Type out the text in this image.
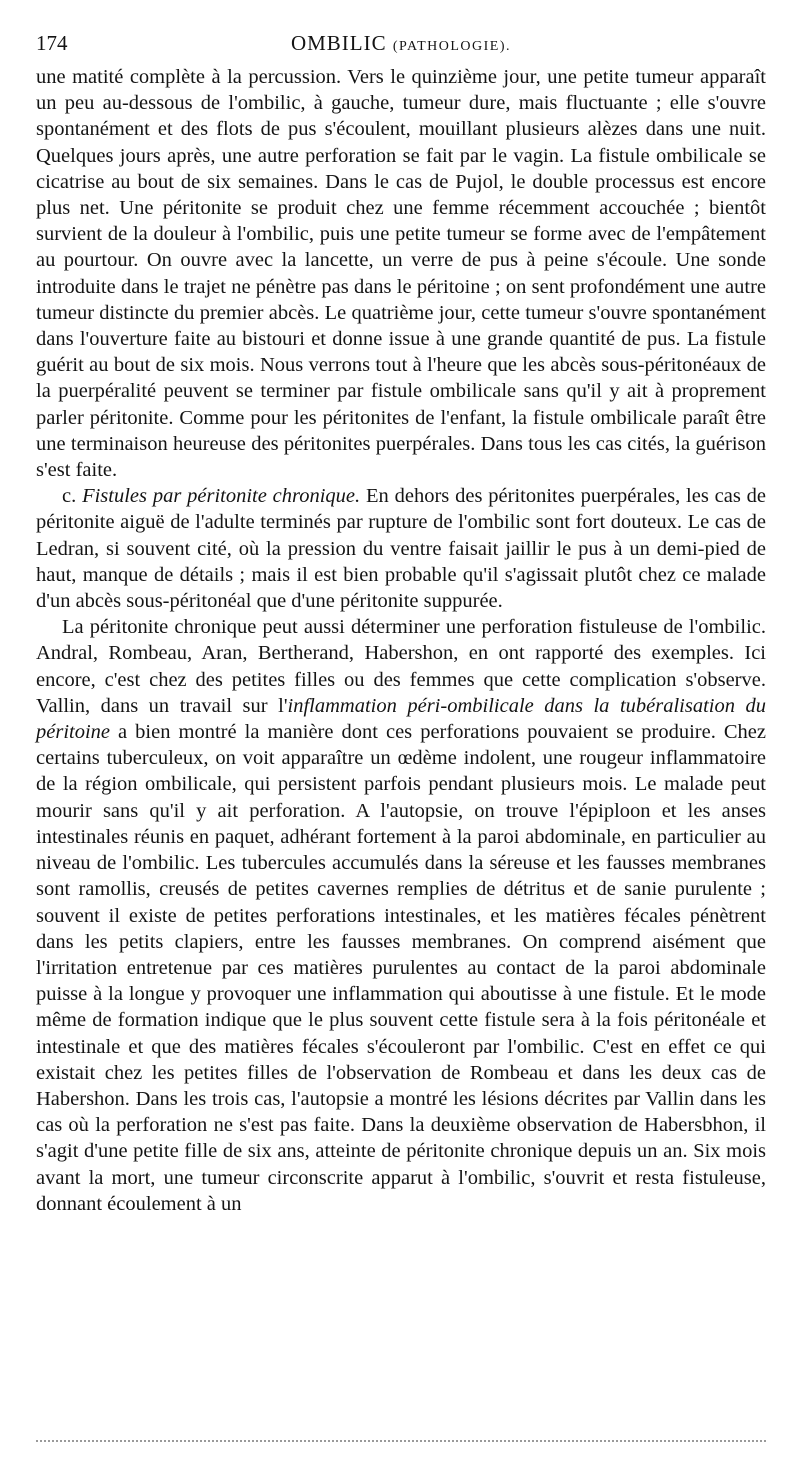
174	OMBILIC (PATHOLOGIE).

une matité complète à la percussion. Vers le quinzième jour, une petite tumeur apparaît un peu au-dessous de l'ombilic, à gauche, tumeur dure, mais fluctuante ; elle s'ouvre spontanément et des flots de pus s'écoulent, mouillant plusieurs alèzes dans une nuit. Quelques jours après, une autre perforation se fait par le vagin. La fistule ombilicale se cicatrise au bout de six semaines. Dans le cas de Pujol, le double processus est encore plus net. Une péritonite se produit chez une femme récemment accouchée ; bientôt survient de la douleur à l'ombilic, puis une petite tumeur se forme avec de l'empâtement au pourtour. On ouvre avec la lancette, un verre de pus à peine s'écoule. Une sonde introduite dans le trajet ne pénètre pas dans le péritoine ; on sent profondément une autre tumeur distincte du premier abcès. Le quatrième jour, cette tumeur s'ouvre spontanément dans l'ouverture faite au bistouri et donne issue à une grande quantité de pus. La fistule guérit au bout de six mois. Nous verrons tout à l'heure que les abcès sous-péritonéaux de la puerpéralité peuvent se terminer par fistule ombilicale sans qu'il y ait à proprement parler péritonite. Comme pour les péritonites de l'enfant, la fistule ombilicale paraît être une terminaison heureuse des péritonites puerpérales. Dans tous les cas cités, la guérison s'est faite.

c. Fistules par péritonite chronique. En dehors des péritonites puerpérales, les cas de péritonite aiguë de l'adulte terminés par rupture de l'ombilic sont fort douteux. Le cas de Ledran, si souvent cité, où la pression du ventre faisait jaillir le pus à un demi-pied de haut, manque de détails ; mais il est bien probable qu'il s'agissait plutôt chez ce malade d'un abcès sous-péritonéal que d'une péritonite suppurée.

La péritonite chronique peut aussi déterminer une perforation fistuleuse de l'ombilic. Andral, Rombeau, Aran, Bertherand, Habershon, en ont rapporté des exemples. Ici encore, c'est chez des petites filles ou des femmes que cette complication s'observe. Vallin, dans un travail sur l'inflammation péri-ombilicale dans la tubéralisation du péritoine a bien montré la manière dont ces perforations pouvaient se produire. Chez certains tuberculeux, on voit apparaître un œdème indolent, une rougeur inflammatoire de la région ombilicale, qui persistent parfois pendant plusieurs mois. Le malade peut mourir sans qu'il y ait perforation. A l'autopsie, on trouve l'épiploon et les anses intestinales réunis en paquet, adhérant fortement à la paroi abdominale, en particulier au niveau de l'ombilic. Les tubercules accumulés dans la séreuse et les fausses membranes sont ramollis, creusés de petites cavernes remplies de détritus et de sanie purulente ; souvent il existe de petites perforations intestinales, et les matières fécales pénètrent dans les petits clapiers, entre les fausses membranes. On comprend aisément que l'irritation entretenue par ces matières purulentes au contact de la paroi abdominale puisse à la longue y provoquer une inflammation qui aboutisse à une fistule. Et le mode même de formation indique que le plus souvent cette fistule sera à la fois péritonéale et intestinale et que des matières fécales s'écouleront par l'ombilic. C'est en effet ce qui existait chez les petites filles de l'observation de Rombeau et dans les deux cas de Habershon. Dans les trois cas, l'autopsie a montré les lésions décrites par Vallin dans les cas où la perforation ne s'est pas faite. Dans la deuxième observation de Habersbhon, il s'agit d'une petite fille de six ans, atteinte de péritonite chronique depuis un an. Six mois avant la mort, une tumeur circonscrite apparut à l'ombilic, s'ouvrit et resta fistuleuse, donnant écoulement à un
